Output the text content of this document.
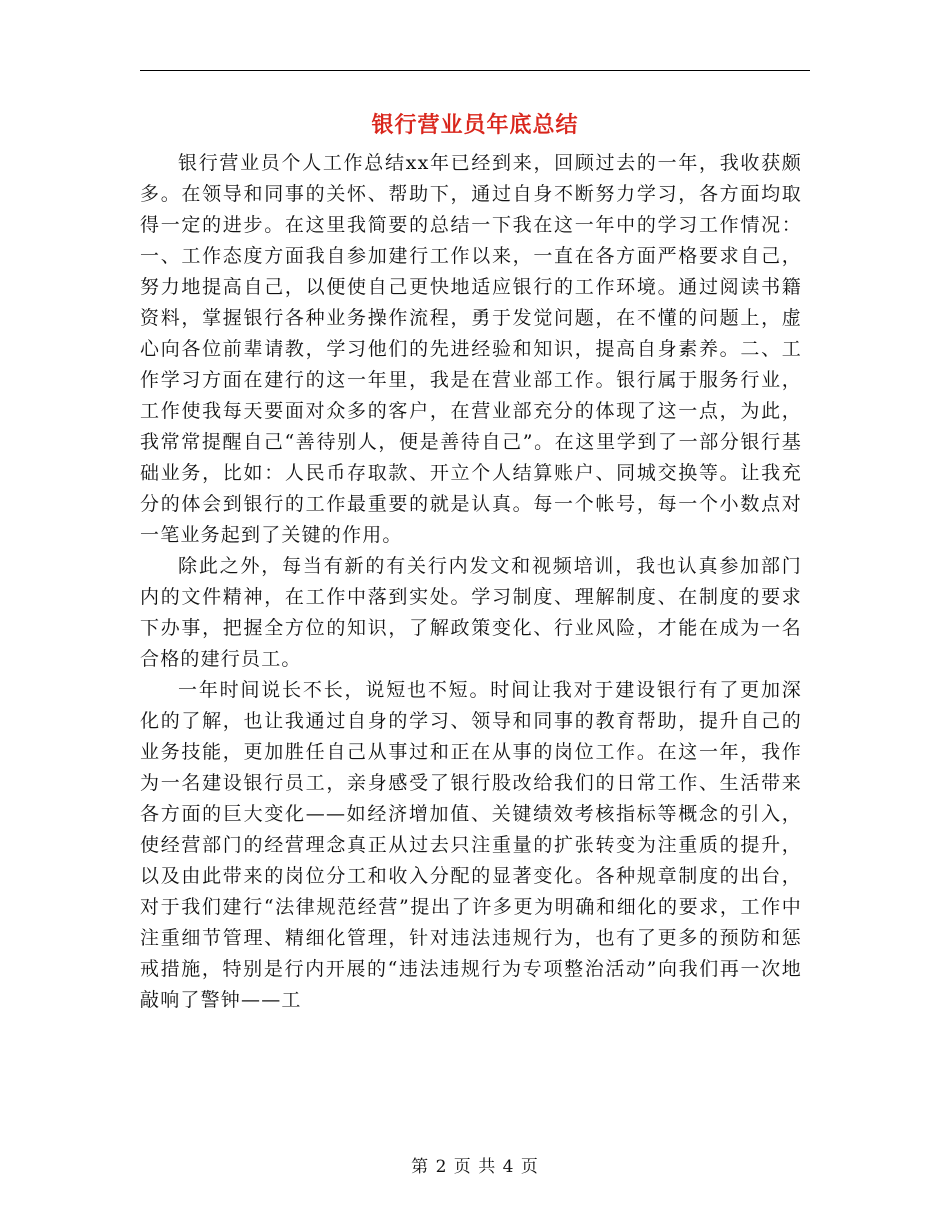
银行营业员年底总结

银行营业员个人工作总结xx年已经到来，回顾过去的一年，我收获颇多。在领导和同事的关怀、帮助下，通过自身不断努力学习，各方面均取得一定的进步。在这里我简要的总结一下我在这一年中的学习工作情况：一、工作态度方面我自参加建行工作以来，一直在各方面严格要求自己，努力地提高自己，以便使自己更快地适应银行的工作环境。通过阅读书籍资料，掌握银行各种业务操作流程，勇于发觉问题，在不懂的问题上，虚心向各位前辈请教，学习他们的先进经验和知识，提高自身素养。二、工作学习方面在建行的这一年里，我是在营业部工作。银行属于服务行业，工作使我每天要面对众多的客户，在营业部充分的体现了这一点，为此，我常常提醒自己“善待别人，便是善待自己”。在这里学到了一部分银行基础业务，比如：人民币存取款、开立个人结算账户、同城交换等。让我充分的体会到银行的工作最重要的就是认真。每一个帐号，每一个小数点对一笔业务起到了关键的作用。

除此之外，每当有新的有关行内发文和视频培训，我也认真参加部门内的文件精神，在工作中落到实处。学习制度、理解制度、在制度的要求下办事，把握全方位的知识，了解政策变化、行业风险，才能在成为一名合格的建行员工。

一年时间说长不长，说短也不短。时间让我对于建设银行有了更加深化的了解，也让我通过自身的学习、领导和同事的教育帮助，提升自己的业务技能，更加胜任自己从事过和正在从事的岗位工作。在这一年，我作为一名建设银行员工，亲身感受了银行股改给我们的日常工作、生活带来各方面的巨大变化——如经济增加值、关键绩效考核指标等概念的引入，使经营部门的经营理念真正从过去只注重量的扩张转变为注重质的提升，以及由此带来的岗位分工和收入分配的显著变化。各种规章制度的出台，对于我们建行“法律规范经营”提出了许多更为明确和细化的要求，工作中注重细节管理、精细化管理，针对违法违规行为，也有了更多的预防和惩戒措施，特别是行内开展的“违法违规行为专项整治活动”向我们再一次地敲响了警钟——工

第 2 页 共 4 页
